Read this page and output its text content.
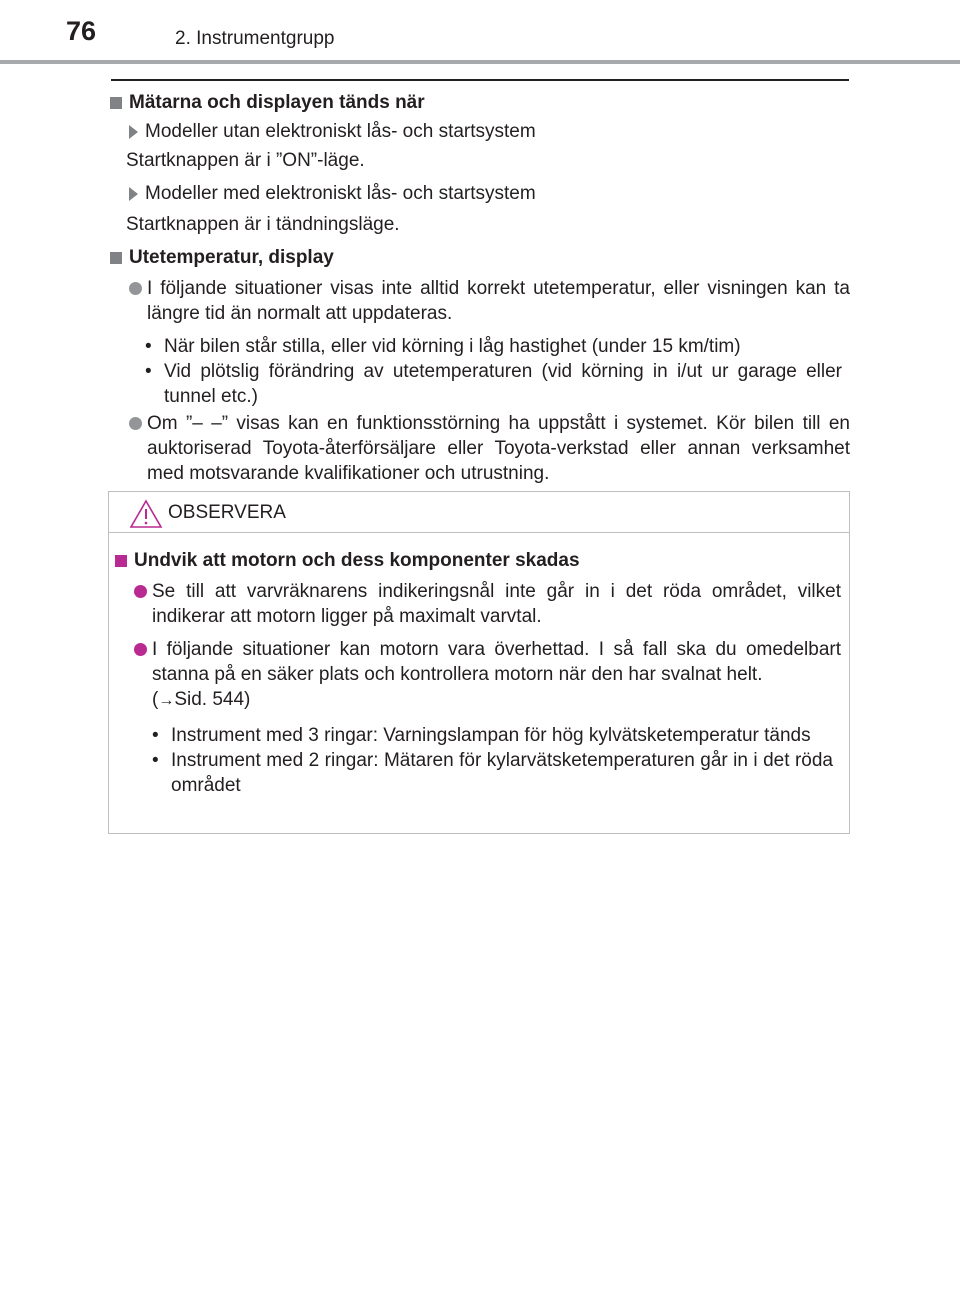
76	2. Instrumentgrupp
Mätarna och displayen tänds när
Modeller utan elektroniskt lås- och startsystem
Startknappen är i ”ON”-läge.
Modeller med elektroniskt lås- och startsystem
Startknappen är i tändningsläge.
Utetemperatur, display
I följande situationer visas inte alltid korrekt utetemperatur, eller visningen kan ta längre tid än normalt att uppdateras.
• När bilen står stilla, eller vid körning i låg hastighet (under 15 km/tim)
• Vid plötslig förändring av utetemperaturen (vid körning in i/ut ur garage eller tunnel etc.)
Om ”– –” visas kan en funktionsstörning ha uppstått i systemet. Kör bilen till en auktoriserad Toyota-återförsäljare eller Toyota-verkstad eller annan verksamhet med motsvarande kvalifikationer och utrustning.
OBSERVERA
Undvik att motorn och dess komponenter skadas
Se till att varvräknarens indikeringsnål inte går in i det röda området, vilket indikerar att motorn ligger på maximalt varvtal.
I följande situationer kan motorn vara överhettad. I så fall ska du omedelbart stanna på en säker plats och kontrollera motorn när den har svalnat helt.
(→Sid. 544)
• Instrument med 3 ringar: Varningslampan för hög kylvätsketemperatur tänds
• Instrument med 2 ringar: Mätaren för kylarvätsketemperaturen går in i det röda området
